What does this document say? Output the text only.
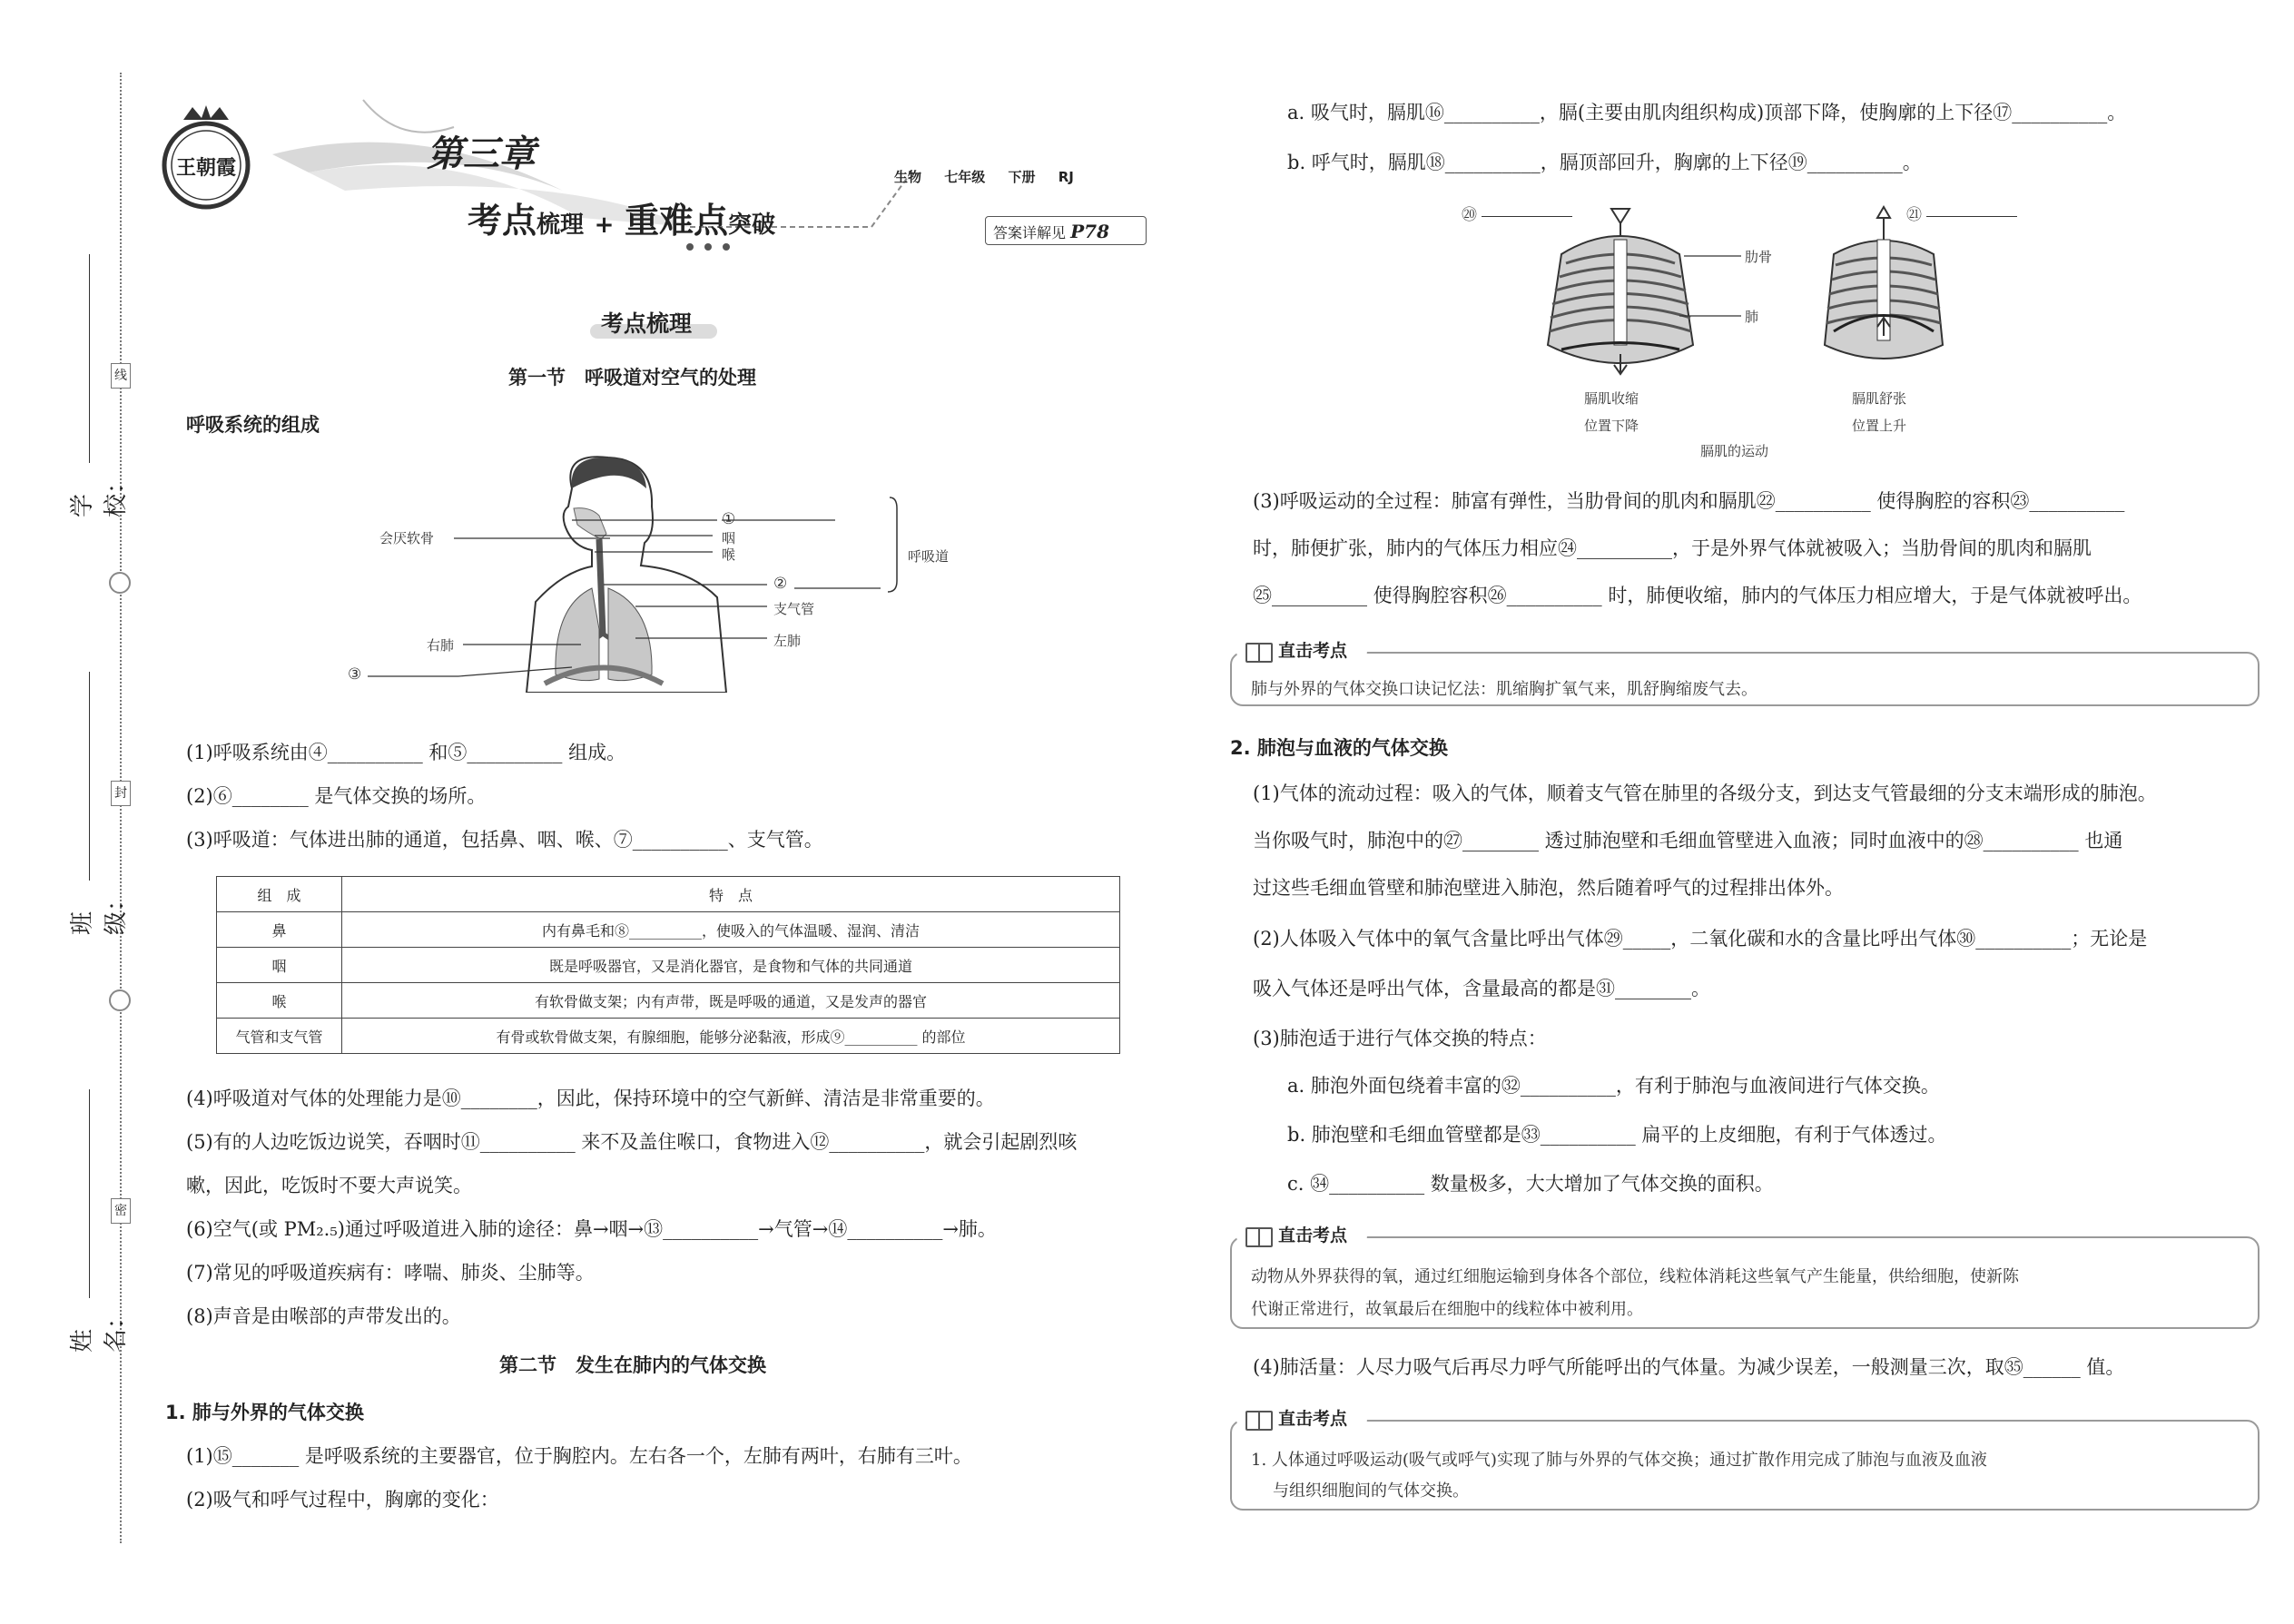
线
封
密
学校：
班级：
姓名：
王朝霞	第三章
考点梳理 + 重难点突破
生物 七年级 下册 RJ
答案详解见 P78
考点梳理
第一节　呼吸道对空气的处理
呼吸系统的组成
会厌软骨
①
咽
喉	呼吸道
②
支气管
左肺
右肺
③
(1)呼吸系统由④__________ 和⑤__________ 组成。
(2)⑥________ 是气体交换的场所。
(3)呼吸道：气体进出肺的通道，包括鼻、咽、喉、⑦__________、支气管。
组　成	特　点
鼻	内有鼻毛和⑧__________，使吸入的气体温暖、湿润、清洁
咽	既是呼吸器官，又是消化器官，是食物和气体的共同通道
喉	有软骨做支架；内有声带，既是呼吸的通道，又是发声的器官
气管和支气管	有骨或软骨做支架，有腺细胞，能够分泌黏液，形成⑨__________ 的部位
(4)呼吸道对气体的处理能力是⑩________，因此，保持环境中的空气新鲜、清洁是非常重要的。
(5)有的人边吃饭边说笑，吞咽时⑪__________ 来不及盖住喉口，食物进入⑫__________，就会引起剧烈咳
嗽，因此，吃饭时不要大声说笑。
(6)空气(或 PM₂.₅)通过呼吸道进入肺的途径：鼻→咽→⑬__________→气管→⑭__________→肺。
(7)常见的呼吸道疾病有：哮喘、肺炎、尘肺等。
(8)声音是由喉部的声带发出的。
第二节　发生在肺内的气体交换
1. 肺与外界的气体交换
(1)⑮_______ 是呼吸系统的主要器官，位于胸腔内。左右各一个，左肺有两叶，右肺有三叶。
(2)吸气和呼气过程中，胸廓的变化：
a. 吸气时，膈肌⑯__________，膈(主要由肌肉组织构成)顶部下降，使胸廓的上下径⑰__________。
b. 呼气时，膈肌⑱__________，膈顶部回升，胸廓的上下径⑲__________。
⑳	㉑
肋骨
肺
膈肌收缩
位置下降
膈肌舒张
位置上升
膈肌的运动
(3)呼吸运动的全过程：肺富有弹性，当肋骨间的肌肉和膈肌㉒__________ 使得胸腔的容积㉓__________
时，肺便扩张，肺内的气体压力相应㉔__________，于是外界气体就被吸入；当肋骨间的肌肉和膈肌
㉕__________ 使得胸腔容积㉖__________ 时，肺便收缩，肺内的气体压力相应增大，于是气体就被呼出。
直击考点
肺与外界的气体交换口诀记忆法：肌缩胸扩氧气来，肌舒胸缩废气去。
2. 肺泡与血液的气体交换
(1)气体的流动过程：吸入的气体，顺着支气管在肺里的各级分支，到达支气管最细的分支末端形成的肺泡。
当你吸气时，肺泡中的㉗________ 透过肺泡壁和毛细血管壁进入血液；同时血液中的㉘__________ 也通
过这些毛细血管壁和肺泡壁进入肺泡，然后随着呼气的过程排出体外。
(2)人体吸入气体中的氧气含量比呼出气体㉙_____，二氧化碳和水的含量比呼出气体㉚__________；无论是
吸入气体还是呼出气体，含量最高的都是㉛________。
(3)肺泡适于进行气体交换的特点：
a. 肺泡外面包绕着丰富的㉜__________，有利于肺泡与血液间进行气体交换。
b. 肺泡壁和毛细血管壁都是㉝__________ 扁平的上皮细胞，有利于气体透过。
c. ㉞__________ 数量极多，大大增加了气体交换的面积。
直击考点
动物从外界获得的氧，通过红细胞运输到身体各个部位，线粒体消耗这些氧气产生能量，供给细胞，使新陈
代谢正常进行，故氧最后在细胞中的线粒体中被利用。
(4)肺活量：人尽力吸气后再尽力呼气所能呼出的气体量。为减少误差，一般测量三次，取㉟______ 值。
直击考点
1. 人体通过呼吸运动(吸气或呼气)实现了肺与外界的气体交换；通过扩散作用完成了肺泡与血液及血液
与组织细胞间的气体交换。
